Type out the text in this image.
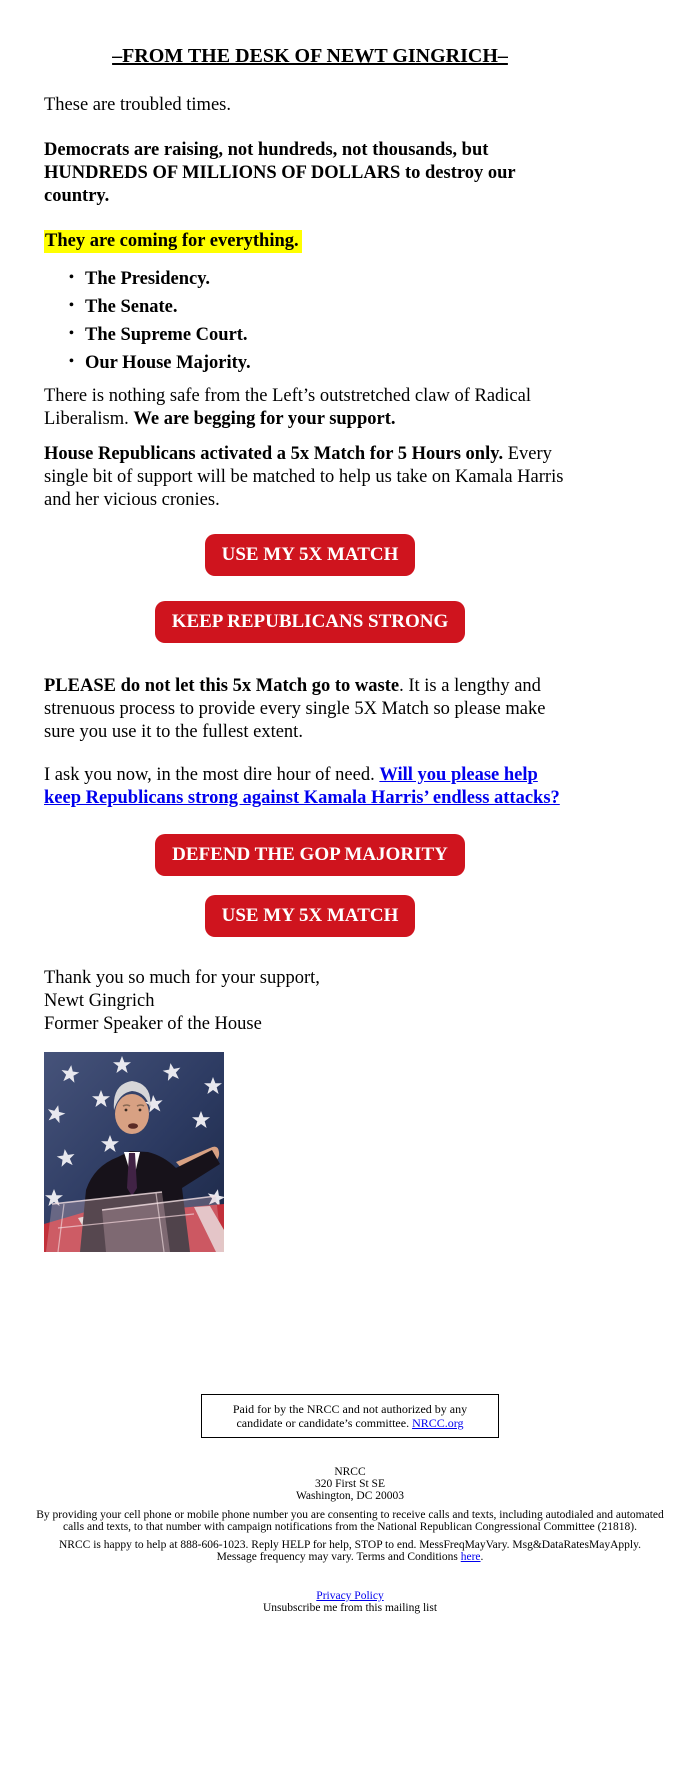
–FROM THE DESK OF NEWT GINGRICH–

These are troubled times.

Democrats are raising, not hundreds, not thousands, but HUNDREDS OF MILLIONS OF DOLLARS to destroy our country.

They are coming for everything.

• The Presidency.
• The Senate.
• The Supreme Court.
• Our House Majority.

There is nothing safe from the Left’s outstretched claw of Radical Liberalism. We are begging for your support.

House Republicans activated a 5x Match for 5 Hours only. Every single bit of support will be matched to help us take on Kamala Harris and her vicious cronies.

USE MY 5X MATCH
KEEP REPUBLICANS STRONG

PLEASE do not let this 5x Match go to waste. It is a lengthy and strenuous process to provide every single 5X Match so please make sure you use it to the fullest extent.

I ask you now, in the most dire hour of need. Will you please help keep Republicans strong against Kamala Harris’ endless attacks?

DEFEND THE GOP MAJORITY
USE MY 5X MATCH

Thank you so much for your support,
Newt Gingrich
Former Speaker of the House

Paid for by the NRCC and not authorized by any candidate or candidate’s committee. NRCC.org
NRCC
320 First St SE
Washington, DC 20003
By providing your cell phone or mobile phone number you are consenting to receive calls and texts, including autodialed and automated calls and texts, to that number with campaign notifications from the National Republican Congressional Committee (21818).
NRCC is happy to help at 888-606-1023. Reply HELP for help, STOP to end. MessFreqMayVary. Msg&DataRatesMayApply.
Message frequency may vary. Terms and Conditions here.
Privacy Policy
Unsubscribe me from this mailing list
